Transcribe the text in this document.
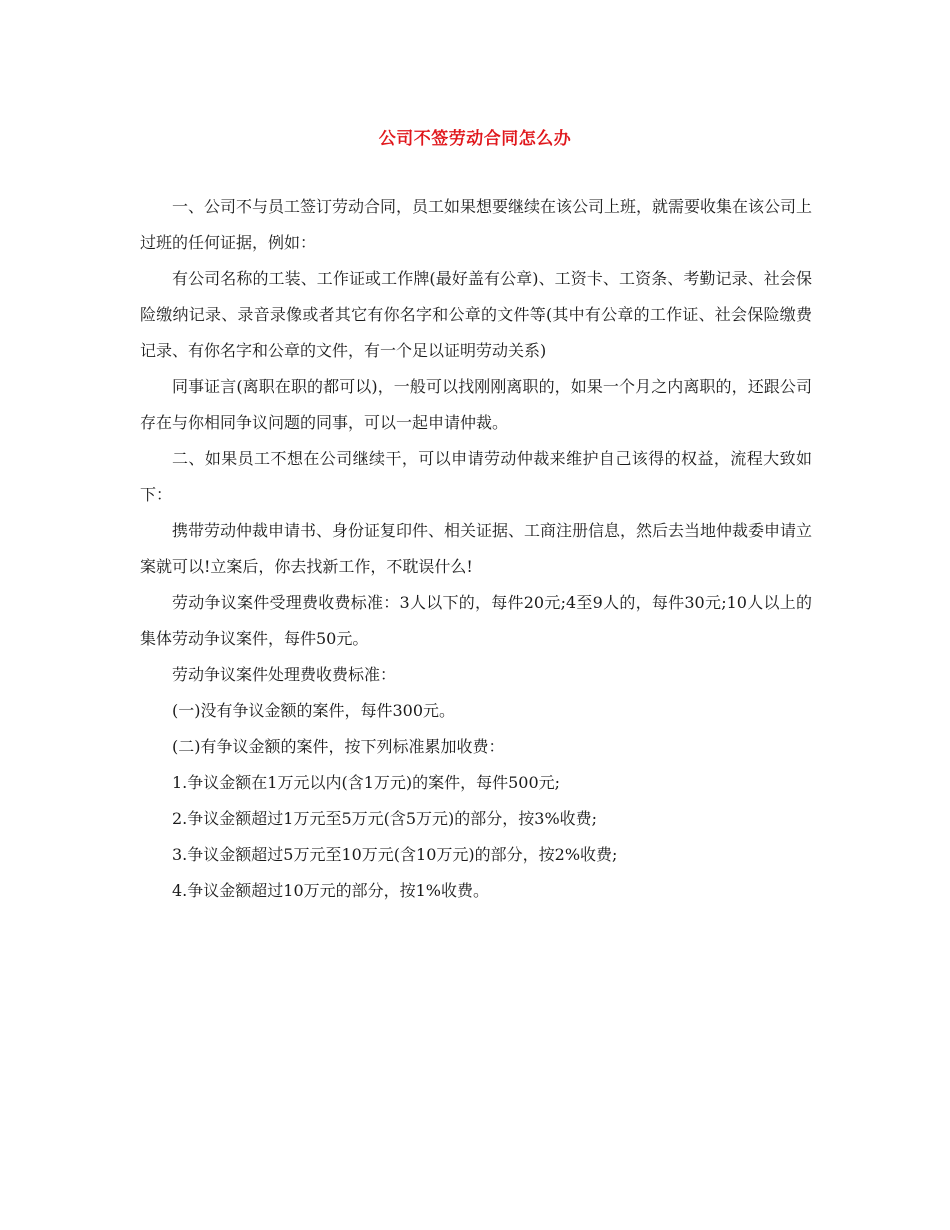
公司不签劳动合同怎么办

一、公司不与员工签订劳动合同，员工如果想要继续在该公司上班，就需要收集在该公司上过班的任何证据，例如：

有公司名称的工装、工作证或工作牌(最好盖有公章)、工资卡、工资条、考勤记录、社会保险缴纳记录、录音录像或者其它有你名字和公章的文件等(其中有公章的工作证、社会保险缴费记录、有你名字和公章的文件，有一个足以证明劳动关系)

同事证言(离职在职的都可以)，一般可以找刚刚离职的，如果一个月之内离职的，还跟公司存在与你相同争议问题的同事，可以一起申请仲裁。

二、如果员工不想在公司继续干，可以申请劳动仲裁来维护自己该得的权益，流程大致如下：

携带劳动仲裁申请书、身份证复印件、相关证据、工商注册信息，然后去当地仲裁委申请立案就可以!立案后，你去找新工作，不耽误什么!

劳动争议案件受理费收费标准：3人以下的，每件20元;4至9人的，每件30元;10人以上的集体劳动争议案件，每件50元。

劳动争议案件处理费收费标准：

(一)没有争议金额的案件，每件300元。

(二)有争议金额的案件，按下列标准累加收费：

1.争议金额在1万元以内(含1万元)的案件，每件500元;

2.争议金额超过1万元至5万元(含5万元)的部分，按3%收费;

3.争议金额超过5万元至10万元(含10万元)的部分，按2%收费;

4.争议金额超过10万元的部分，按1%收费。
